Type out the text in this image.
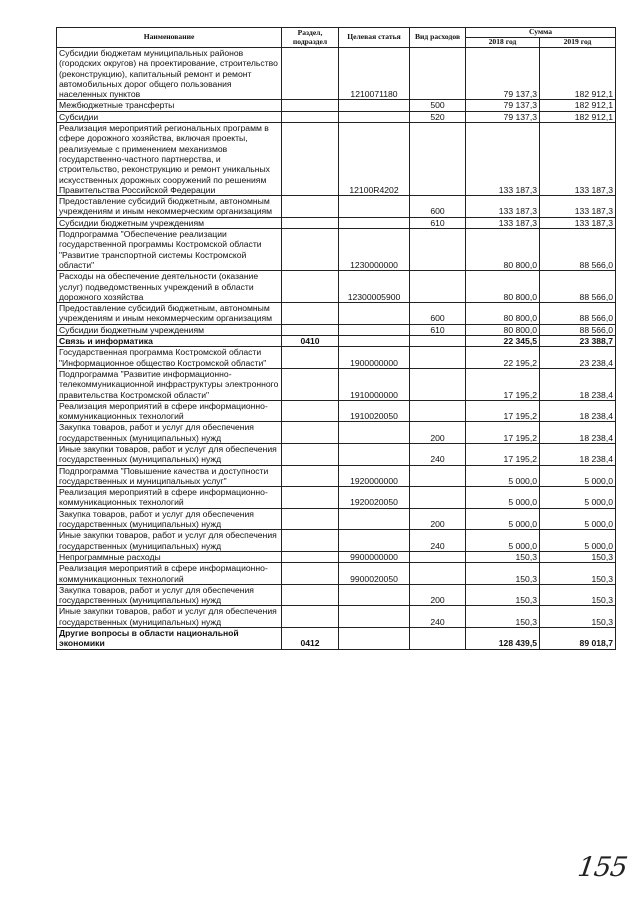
Наименование	Раздел, подраздел	Целевая статья	Вид расходов	Сумма	
				2018 год	2019 год
Субсидии бюджетам муниципальных районов (городских округов) на проектирование, строительство (реконструкцию), капитальный ремонт и ремонт автомобильных дорог общего пользования населенных пунктов		1210071180		79 137,3	182 912,1
Межбюджетные трансферты			500	79 137,3	182 912,1
Субсидии			520	79 137,3	182 912,1
Реализация мероприятий региональных программ в сфере дорожного хозяйства, включая проекты, реализуемые с применением механизмов государственно-частного партнерства, и строительство, реконструкцию и ремонт уникальных искусственных дорожных сооружений по решениям Правительства Российской Федерации		12100R4202		133 187,3	133 187,3
Предоставление субсидий бюджетным, автономным учреждениям и иным некоммерческим организациям			600	133 187,3	133 187,3
Субсидии бюджетным учреждениям			610	133 187,3	133 187,3
Подпрограмма "Обеспечение реализации государственной программы Костромской области "Развитие транспортной системы Костромской области"		1230000000		80 800,0	88 566,0
Расходы на обеспечение деятельности (оказание услуг) подведомственных учреждений в области дорожного хозяйства		12300005900		80 800,0	88 566,0
Предоставление субсидий бюджетным, автономным учреждениям и иным некоммерческим организациям			600	80 800,0	88 566,0
Субсидии бюджетным учреждениям			610	80 800,0	88 566,0
Связь и информатика	0410			22 345,5	23 388,7
Государственная программа Костромской области "Информационное общество Костромской области"		1900000000		22 195,2	23 238,4
Подпрограмма "Развитие информационно-телекоммуникационной инфраструктуры электронного правительства Костромской области"		1910000000		17 195,2	18 238,4
Реализация мероприятий в сфере информационно-коммуникационных технологий		1910020050		17 195,2	18 238,4
Закупка товаров, работ и услуг для обеспечения государственных (муниципальных) нужд			200	17 195,2	18 238,4
Иные закупки товаров, работ и услуг для обеспечения государственных (муниципальных) нужд			240	17 195,2	18 238,4
Подпрограмма "Повышение качества и доступности государственных и муниципальных услуг"		1920000000		5 000,0	5 000,0
Реализация мероприятий в сфере информационно-коммуникационных технологий		1920020050		5 000,0	5 000,0
Закупка товаров, работ и услуг для обеспечения государственных (муниципальных) нужд			200	5 000,0	5 000,0
Иные закупки товаров, работ и услуг для обеспечения государственных (муниципальных) нужд			240	5 000,0	5 000,0
Непрограммные расходы		9900000000		150,3	150,3
Реализация мероприятий в сфере информационно-коммуникационных технологий		9900020050		150,3	150,3
Закупка товаров, работ и услуг для обеспечения государственных (муниципальных) нужд			200	150,3	150,3
Иные закупки товаров, работ и услуг для обеспечения государственных (муниципальных) нужд			240	150,3	150,3
Другие вопросы в области национальной экономики	0412			128 439,5	89 018,7
155
